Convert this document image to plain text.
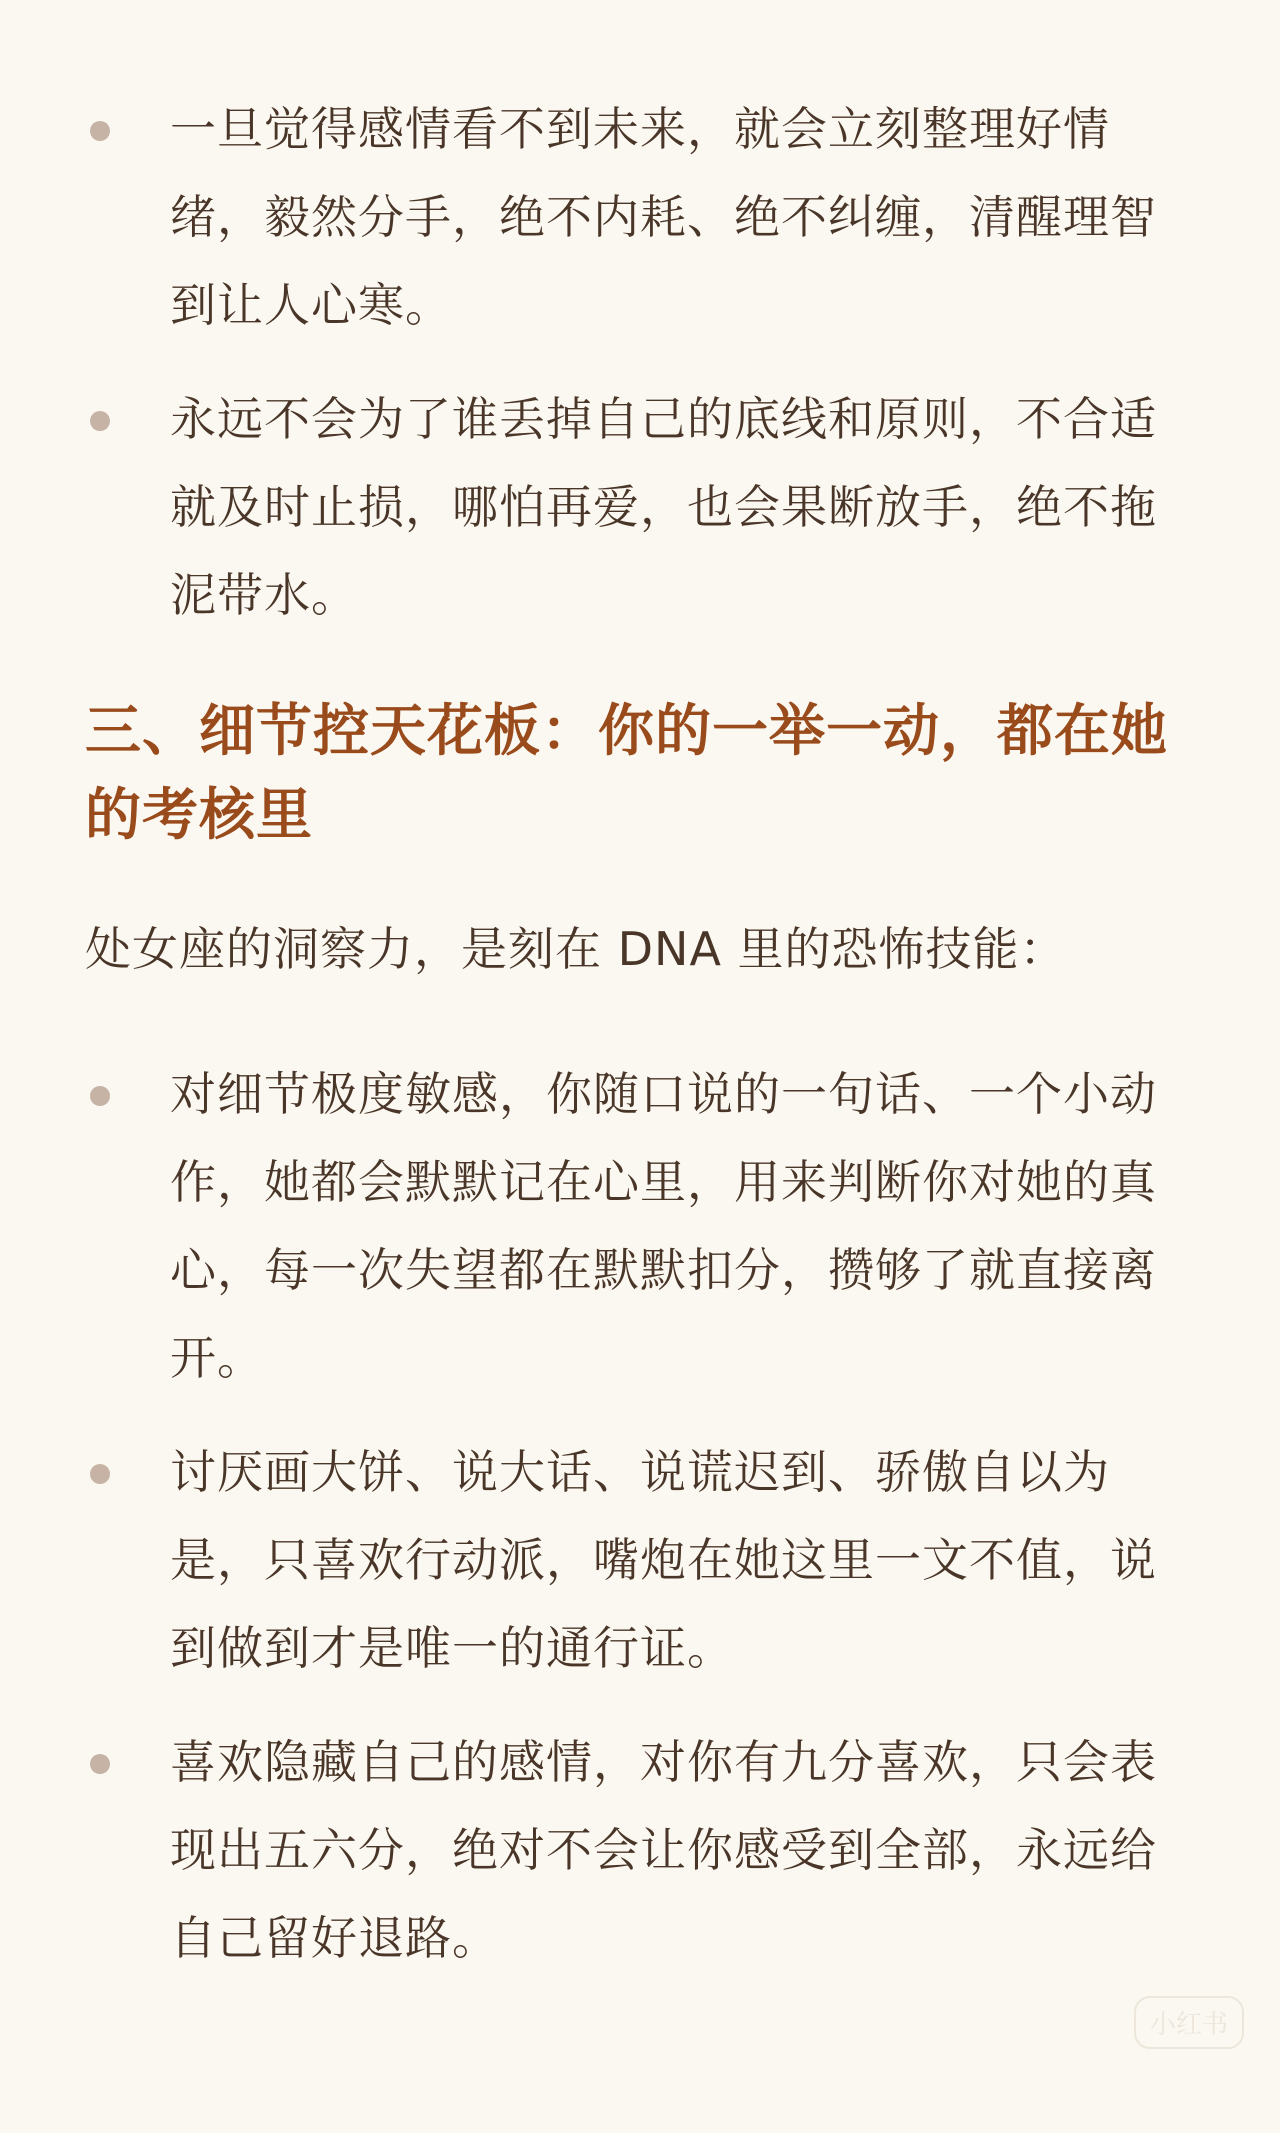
一旦觉得感情看不到未来，就会立刻整理好情绪，毅然分手，绝不内耗、绝不纠缠，清醒理智到让人心寒。
永远不会为了谁丢掉自己的底线和原则，不合适就及时止损，哪怕再爱，也会果断放手，绝不拖泥带水。
三、细节控天花板：你的一举一动，都在她的考核里

处女座的洞察力，是刻在 DNA 里的恐怖技能：

对细节极度敏感，你随口说的一句话、一个小动作，她都会默默记在心里，用来判断你对她的真心，每一次失望都在默默扣分，攒够了就直接离开。
讨厌画大饼、说大话、说谎迟到、骄傲自以为是，只喜欢行动派，嘴炮在她这里一文不值，说到做到才是唯一的通行证。
喜欢隐藏自己的感情，对你有九分喜欢，只会表现出五六分，绝对不会让你感受到全部，永远给自己留好退路。
小红书
